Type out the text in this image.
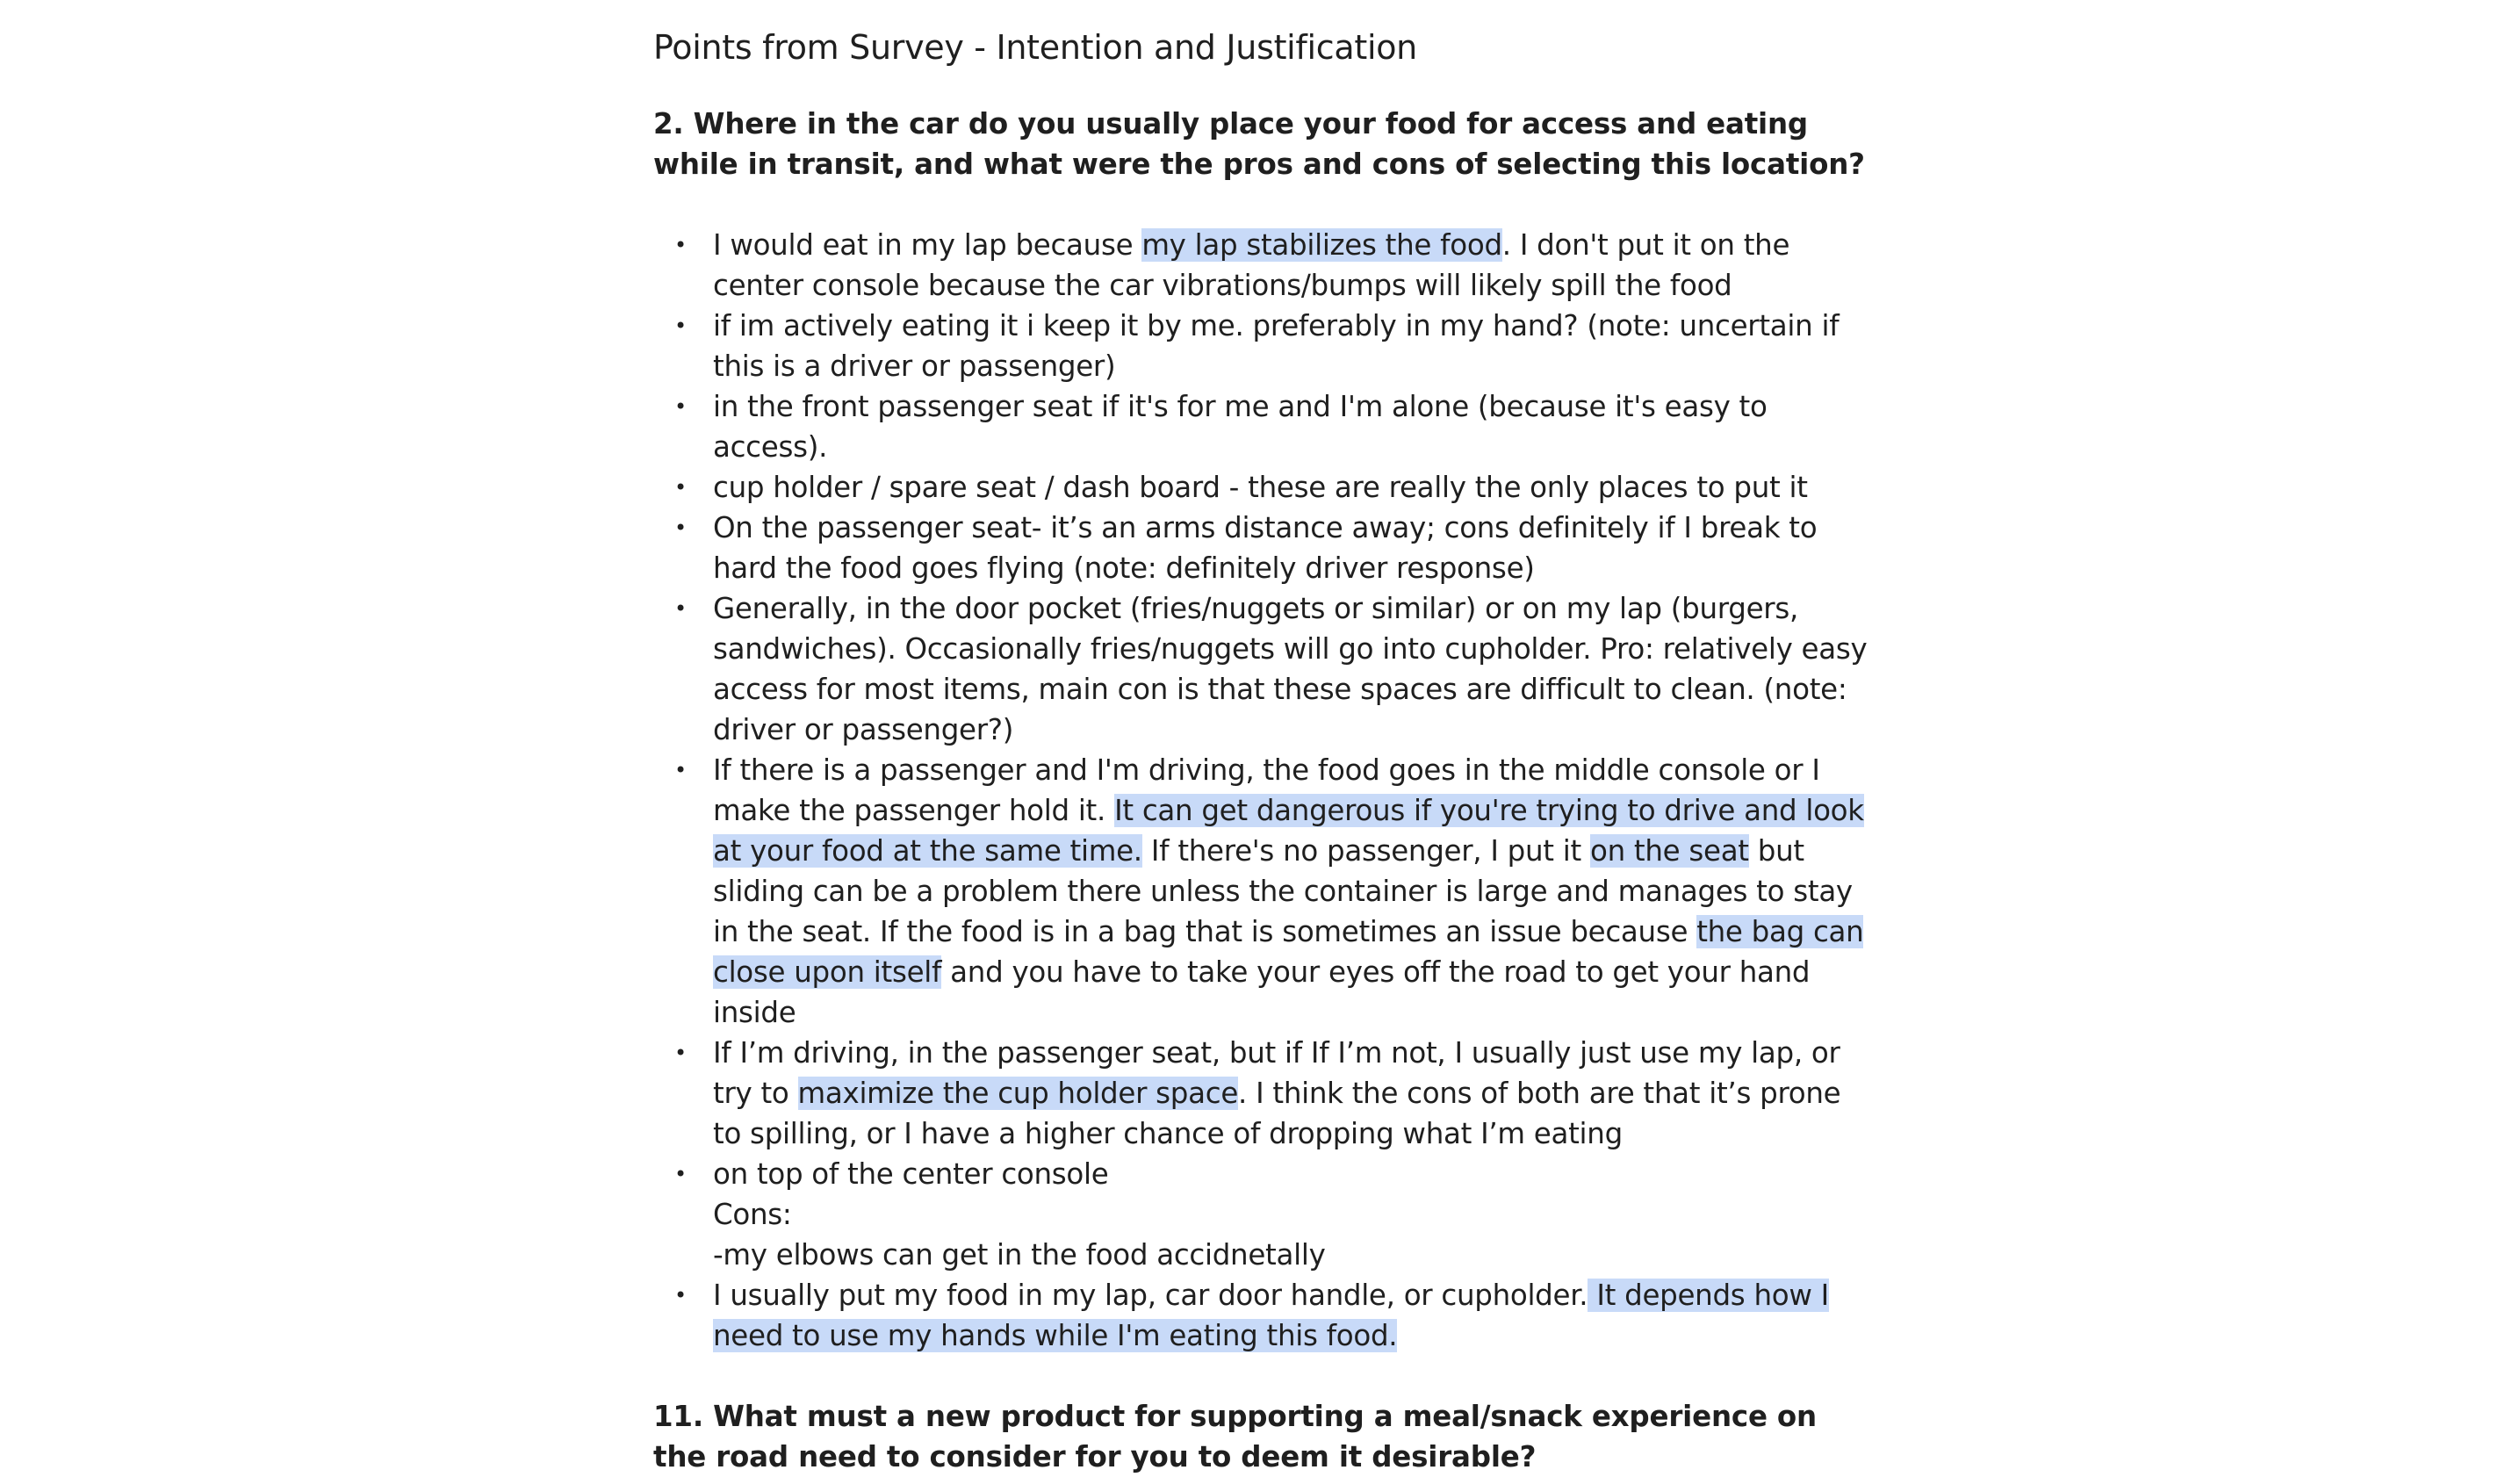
Points from Survey - Intention and Justification
2. Where in the car do you usually place your food for access and eating while in transit, and what were the pros and cons of selecting this location?
• I would eat in my lap because my lap stabilizes the food. I don't put it on the center console because the car vibrations/bumps will likely spill the food
• if im actively eating it i keep it by me. preferably in my hand? (note: uncertain if this is a driver or passenger)
• in the front passenger seat if it's for me and I'm alone (because it's easy to access).
• cup holder / spare seat / dash board - these are really the only places to put it
• On the passenger seat- it’s an arms distance away; cons definitely if I break to hard the food goes flying (note: definitely driver response)
• Generally, in the door pocket (fries/nuggets or similar) or on my lap (burgers, sandwiches). Occasionally fries/nuggets will go into cupholder. Pro: relatively easy access for most items, main con is that these spaces are difficult to clean. (note: driver or passenger?)
• If there is a passenger and I'm driving, the food goes in the middle console or I make the passenger hold it. It can get dangerous if you're trying to drive and look at your food at the same time. If there's no passenger, I put it on the seat but sliding can be a problem there unless the container is large and manages to stay in the seat. If the food is in a bag that is sometimes an issue because the bag can close upon itself and you have to take your eyes off the road to get your hand inside
• If I’m driving, in the passenger seat, but if If I’m not, I usually just use my lap, or try to maximize the cup holder space. I think the cons of both are that it’s prone to spilling, or I have a higher chance of dropping what I’m eating
• on top of the center console
Cons:
-my elbows can get in the food accidnetally
• I usually put my food in my lap, car door handle, or cupholder. It depends how I need to use my hands while I'm eating this food.
11. What must a new product for supporting a meal/snack experience on the road need to consider for you to deem it desirable?
